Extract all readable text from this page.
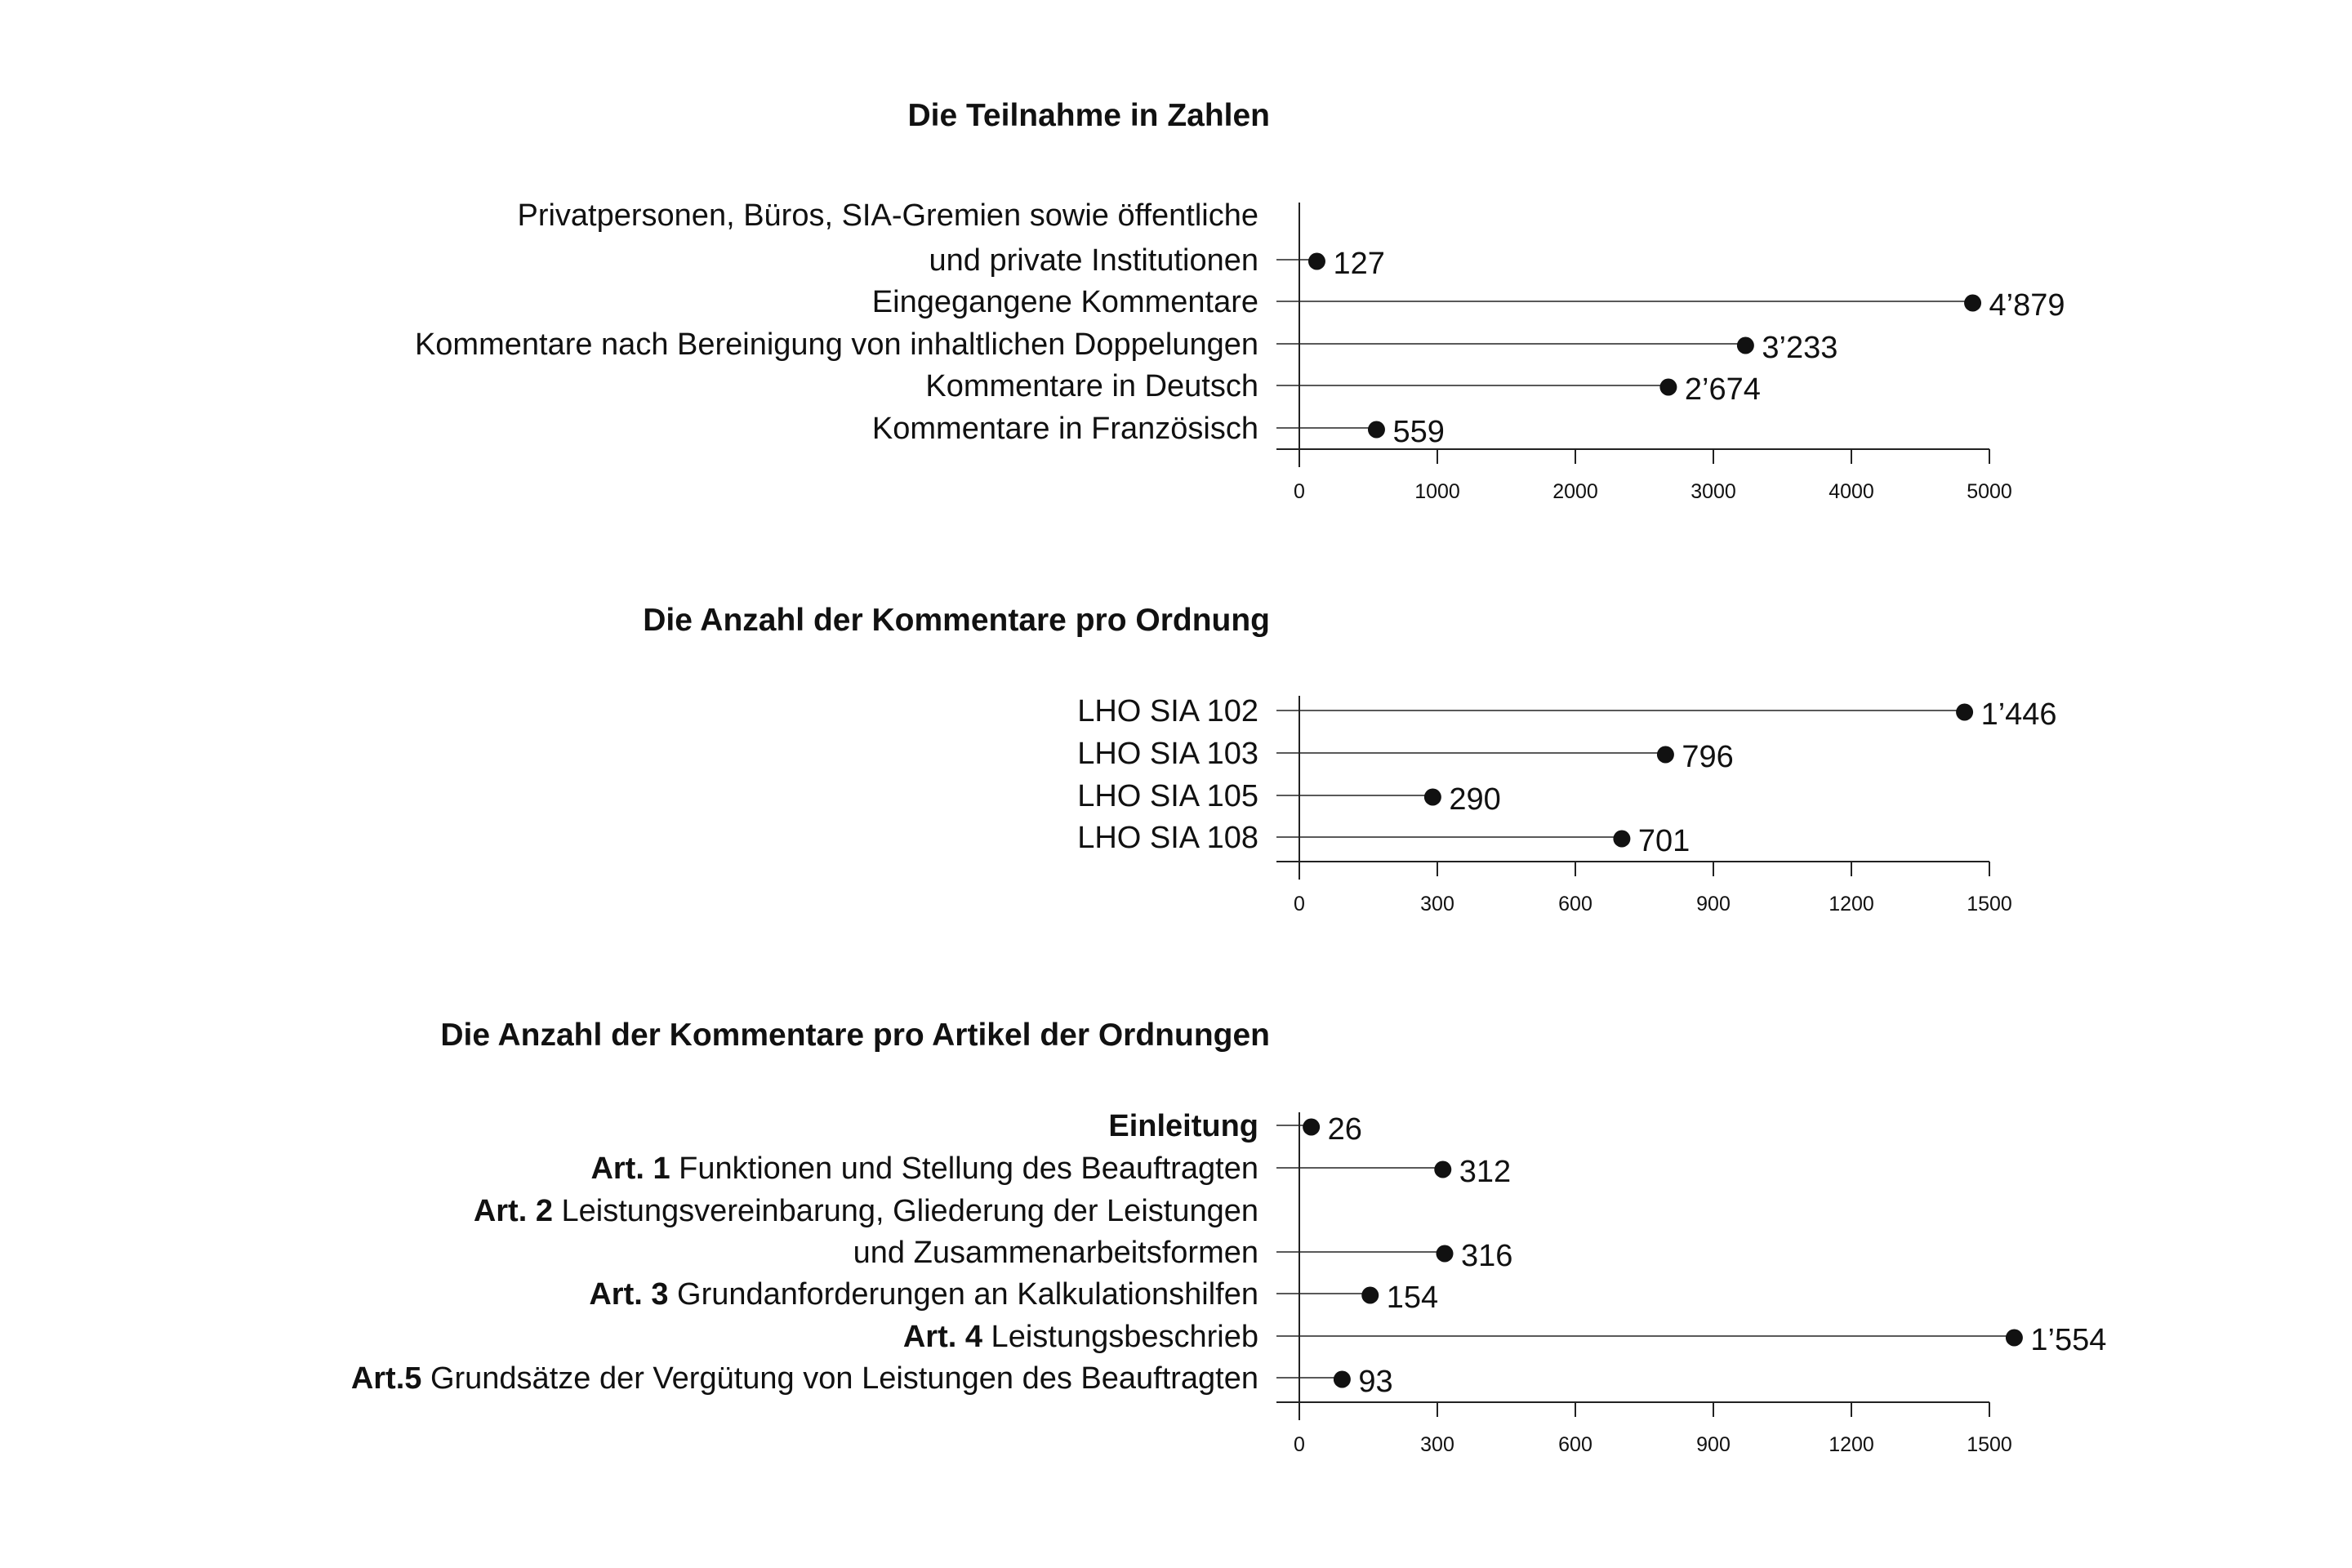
Die Teilnahme in Zahlen
Die Anzahl der Kommentare pro Ordnung
Die Anzahl der Kommentare pro Artikel der Ordnungen
0	1000	2000	3000	4000	5000
Privatpersonen, Büros, SIA-Gremien sowie öffentliche
und private Institutionen 127
Eingegangene Kommentare	4’879
Kommentare nach Bereinigung von inhaltlichen Doppelungen	3’233
Kommentare in Deutsch	2’674
Kommentare in Französisch	559
0	300	600	900	1200	1500
LHO SIA 102	1’446
LHO SIA 103	796
LHO SIA 105	290
LHO SIA 108	701
0	300	600	900	1200	1500
Einleitung 26
Art. 1 Funktionen und Stellung des Beauftragten	312
Art. 2 Leistungsvereinbarung, Gliederung der Leistungen
und Zusammenarbeitsformen	316
Art. 3 Grundanforderungen an Kalkulationshilfen	154
Art. 4 Leistungsbeschrieb	1’554
Art.5 Grundsätze der Vergütung von Leistungen des Beauftragten	93
